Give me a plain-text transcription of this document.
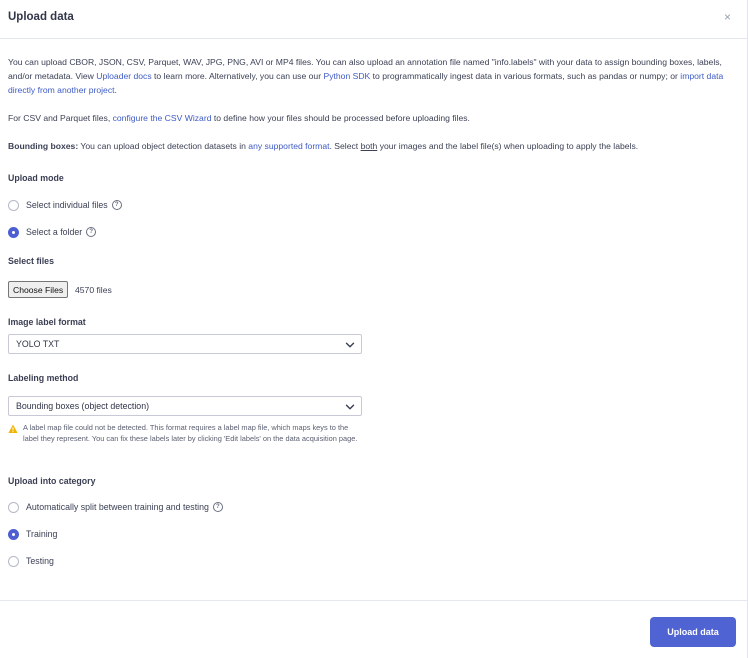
Upload data	×

You can upload CBOR, JSON, CSV, Parquet, WAV, JPG, PNG, AVI or MP4 files. You can also upload an annotation file named "info.labels" with your data to assign bounding boxes, labels, and/or metadata. View Uploader docs to learn more. Alternatively, you can use our Python SDK to programmatically ingest data in various formats, such as pandas or numpy; or import data directly from another project.

For CSV and Parquet files, configure the CSV Wizard to define how your files should be processed before uploading files.

Bounding boxes: You can upload object detection datasets in any supported format. Select both your images and the label file(s) when uploading to apply the labels.

Upload mode
Select individual files	?
Select a folder	?
Select files
Choose Files	4570 files
Image label format
YOLO TXT
Labeling method
Bounding boxes (object detection)
A label map file could not be detected. This format requires a label map file, which maps keys to the label they represent. You can fix these labels later by clicking 'Edit labels' on the data acquisition page.
Upload into category
Automatically split between training and testing	?
Training
Testing
Upload data
